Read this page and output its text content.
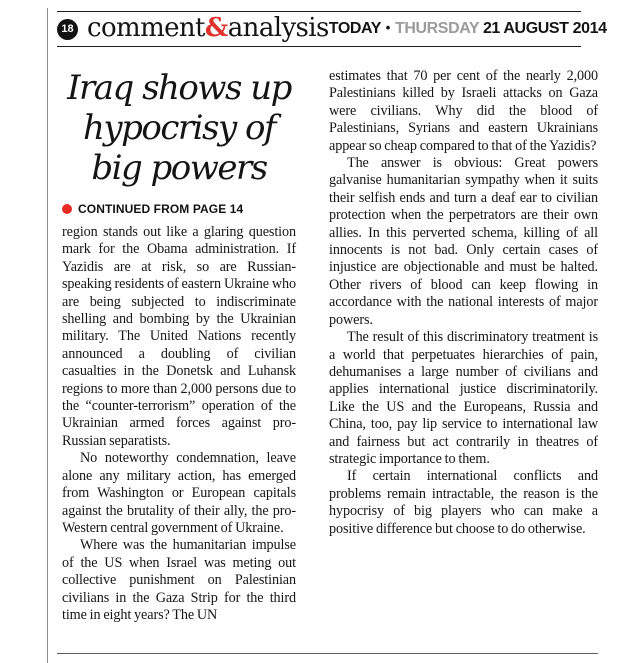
18 comment&analysis TODAY • THURSDAY 21 AUGUST 2014
Iraq shows up
hypocrisy of
big powers
CONTINUED FROM PAGE 14

region stands out like a glaring question mark for the Obama administration. If Yazidis are at risk, so are Russian-speaking residents of eastern Ukraine who are being subjected to indiscriminate shelling and bombing by the Ukrainian military. The United Nations recently announced a doubling of civilian casualties in the Donetsk and Luhansk regions to more than 2,000 persons due to the “counter-terrorism” operation of the Ukrainian armed forces against pro-Russian separatists.

No noteworthy condemnation, leave alone any military action, has emerged from Washington or European capitals against the brutality of their ally, the pro-Western central government of Ukraine.

Where was the humanitarian impulse of the US when Israel was meting out collective punishment on Palestinian civilians in the Gaza Strip for the third time in eight years? The UN

estimates that 70 per cent of the nearly 2,000 Palestinians killed by Israeli attacks on Gaza were civilians. Why did the blood of Palestinians, Syrians and eastern Ukrainians appear so cheap compared to that of the Yazidis?

The answer is obvious: Great powers galvanise humanitarian sympathy when it suits their selfish ends and turn a deaf ear to civilian protection when the perpetrators are their own allies. In this perverted schema, killing of all innocents is not bad. Only certain cases of injustice are objectionable and must be halted. Other rivers of blood can keep flowing in accordance with the national interests of major powers.

The result of this discriminatory treatment is a world that perpetuates hierarchies of pain, dehumanises a large number of civilians and applies international justice discriminatorily. Like the US and the Europeans, Russia and China, too, pay lip service to international law and fairness but act contrarily in theatres of strategic importance to them.

If certain international conflicts and problems remain intractable, the reason is the hypocrisy of big players who can make a positive difference but choose to do otherwise.
